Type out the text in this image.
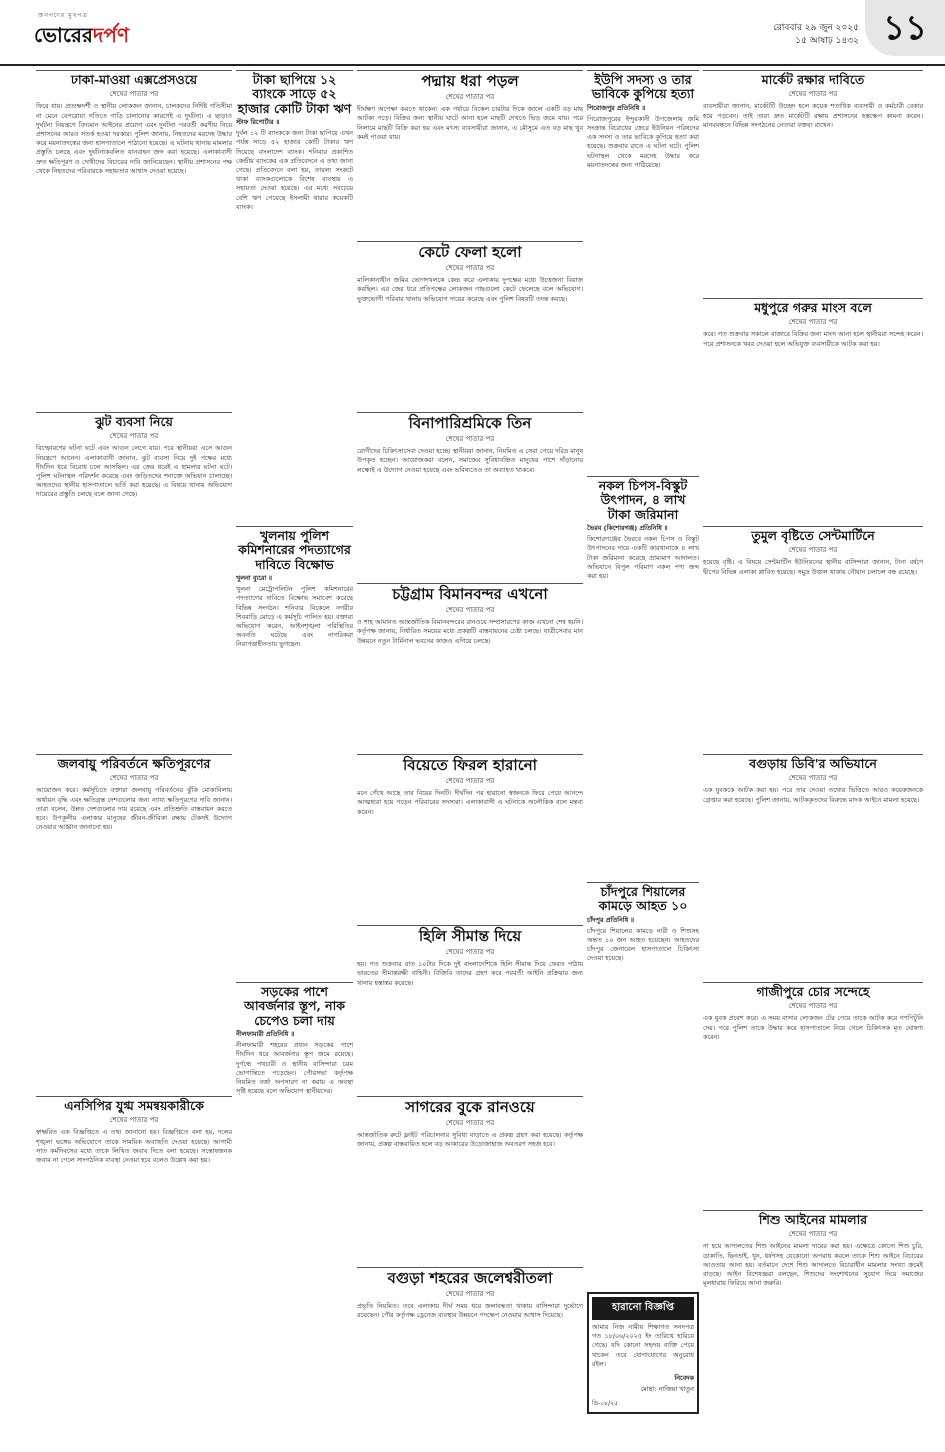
জনগণের মুখপত্র
ভোরেরদর্পণ	রোববার ২৯ জুন ২০২৫
১৫ আষাঢ় ১৪৩২ ১১
ঢাকা-মাওয়া এক্সপ্রেসওয়ে
শেষের পাতার পর
ফিরে যায়। প্রত্যক্ষদর্শী ও স্থানীয় লোকজন জানান, চালকদের নির্দিষ্ট গতিসীমা না মেনে বেপরোয়া গতিতে গাড়ি চালানোর কারণেই এ দুর্ঘটনা। এ ছাড়াও দুর্ঘটনা নিয়ন্ত্রণে বিদ্যমান আইনের প্রয়োগ এবং দুর্ঘটনা পরবর্তী করণীয় নিয়ে প্রশাসনের আরও সতর্ক হওয়া দরকার। পুলিশ জানায়, নিহতদের মরদেহ উদ্ধার করে ময়নাতদন্তের জন্য হাসপাতালে পাঠানো হয়েছে। এ ঘটনায় থানায় মামলার প্রস্তুতি চলছে এবং দুর্ঘটনাকবলিত যানবাহন জব্দ করা হয়েছে। এলাকাবাসী দ্রুত ক্ষতিপূরণ ও দোষীদের বিচারের দাবি জানিয়েছেন। স্থানীয় প্রশাসনের পক্ষ থেকে নিহতদের পরিবারকে সহায়তার আশ্বাস দেওয়া হয়েছে।
ঝুট ব্যবসা নিয়ে
শেষের পাতার পর
বিস্ফোরণের ঘটনা ঘটে এবং আগুন লেগে যায়। পরে স্থানীয়রা এসে আগুন নিয়ন্ত্রণে আনেন। এলাকাবাসী জানান, ঝুট ব্যবসা নিয়ে দুই পক্ষের মধ্যে দীর্ঘদিন ধরে বিরোধ চলে আসছিল। এর জের ধরেই এ হামলার ঘটনা ঘটে। পুলিশ ঘটনাস্থল পরিদর্শন করেছে এবং জড়িতদের শনাক্তে অভিযান চালাচ্ছে। আহতদের স্থানীয় হাসপাতালে ভর্তি করা হয়েছে। এ বিষয়ে থানায় অভিযোগ দায়েরের প্রস্তুতি চলছে বলে জানা গেছে।
জলবায়ু পরিবর্তনে ক্ষতিপূরণের
শেষের পাতার পর
আয়োজন করে। কর্মসূচিতে বক্তারা জলবায়ু পরিবর্তনের ঝুঁকি মোকাবিলায় অর্থায়ন বৃদ্ধি এবং ক্ষতিগ্রস্ত দেশগুলোর জন্য ন্যায্য ক্ষতিপূরণের দাবি জানান। তারা বলেন, উন্নত দেশগুলোর দায় রয়েছে এবং প্রতিশ্রুতি বাস্তবায়ন করতে হবে। উপকূলীয় এলাকার মানুষের জীবন-জীবিকা রক্ষায় টেকসই উদ্যোগ নেওয়ার আহ্বান জানানো হয়।
এনসিপির যুগ্ম সমন্বয়কারীকে
শেষের পাতার পর
স্বাক্ষরিত এক বিজ্ঞপ্তিতে এ তথ্য জানানো হয়। বিজ্ঞপ্তিতে বলা হয়, দলের শৃঙ্খলা ভঙ্গের অভিযোগে তাকে সাময়িক অব্যাহতি দেওয়া হয়েছে। আগামী সাত কর্মদিবসের মধ্যে তাকে লিখিত জবাব দিতে বলা হয়েছে। সন্তোষজনক জবাব না পেলে সাংগঠনিক ব্যবস্থা নেওয়া হবে বলেও উল্লেখ করা হয়।
টাকা ছাপিয়ে ১২ ব্যাংকে সাড়ে ৫২ হাজার কোটি টাকা ঋণ
স্টাফ রিপোর্টার ॥
দুর্বল ১২ টি ব্যাংককে জন্য টাকা ছাপিয়ে এখন পর্যন্ত সাড়ে ৫২ হাজার কোটি টাকার ঋণ দিয়েছে বাংলাদেশ ব্যাংক। শনিবার প্রকাশিত কেন্দ্রীয় ব্যাংকের এক প্রতিবেদনে এ তথ্য জানা গেছে। প্রতিবেদনে বলা হয়, তারল্য সংকটে থাকা ব্যাংকগুলোকে বিশেষ ব্যবস্থায় এ সহায়তা দেওয়া হয়েছে। এর মধ্যে সবচেয়ে বেশি ঋণ পেয়েছে ইসলামী ধারার কয়েকটি ব্যাংক।
খুলনায় পুলিশ কমিশনারের পদত্যাগের দাবিতে বিক্ষোভ
খুলনা ব্যুরো ॥
খুলনা মেট্রোপলিটন পুলিশ কমিশনারের পদত্যাগের দাবিতে বিক্ষোভ সমাবেশ করেছে বিভিন্ন সংগঠন। শনিবার বিকেলে নগরীর শিববাড়ি মোড়ে এ কর্মসূচি পালিত হয়। বক্তারা অভিযোগ করেন, আইনশৃঙ্খলা পরিস্থিতির অবনতি ঘটেছে এবং নাগরিকরা নিরাপত্তাহীনতায় ভুগছেন।
সড়কের পাশে আবর্জনার স্তূপ, নাক চেপেও চলা দায়
নীলফামারী প্রতিনিধি ॥
নীলফামারী শহরের প্রধান সড়কের পাশে দীর্ঘদিন ধরে আবর্জনার স্তূপ জমে রয়েছে। দুর্গন্ধে পথচারী ও স্থানীয় বাসিন্দারা চরম ভোগান্তিতে পড়েছেন। পৌরসভা কর্তৃপক্ষ নিয়মিত বর্জ্য অপসারণ না করায় এ অবস্থা সৃষ্টি হয়েছে বলে অভিযোগ স্থানীয়দের।
পদ্মায় ধরা পড়ল
শেষের পাতার পর
দীর্ঘক্ষণ অপেক্ষা করতে থাকেন। এক পর্যায়ে বিকেল চারটার দিকে জালে একটি বড় মাছ আটকা পড়ে। বিক্রির জন্য স্থানীয় ঘাটে আনা হলে মাছটি দেখতে ভিড় জমে যায়। পরে নিলামে মাছটি বিক্রি করা হয় এবং মৎস্য ব্যবসায়ীরা জানান, এ মৌসুমে এত বড় মাছ খুব কমই পাওয়া যায়।
কেটে ফেলা হলো
শেষের পাতার পর
মালিকানাধীন জমির ভোগদখলকে কেন্দ্র করে এলাকায় দুপক্ষের মধ্যে উত্তেজনা বিরাজ করছিল। এর জের ধরে প্রতিপক্ষের লোকজন গাছগুলো কেটে ফেলেছে বলে অভিযোগ। ভুক্তভোগী পরিবার থানায় অভিযোগ দায়ের করেছে এবং পুলিশ বিষয়টি তদন্ত করছে।
বিনাপারিশ্রমিকে তিন
শেষের পাতার পর
রোগীদের চিকিৎসাসেবা দেওয়া হচ্ছে। স্থানীয়রা জানান, নিয়মিত এ সেবা পেয়ে দরিদ্র মানুষ উপকৃত হচ্ছেন। আয়োজকরা বলেন, সমাজের সুবিধাবঞ্চিত মানুষের পাশে দাঁড়ানোর লক্ষ্যেই এ উদ্যোগ নেওয়া হয়েছে এবং ভবিষ্যতেও তা অব্যাহত থাকবে।
চট্টগ্রাম বিমানবন্দর এখনো
শেষের পাতার পর
ও শাহ আমানত আন্তর্জাতিক বিমানবন্দরের রানওয়ে সম্প্রসারণের কাজ এখনো শেষ হয়নি। কর্তৃপক্ষ জানায়, নির্ধারিত সময়ের মধ্যে প্রকল্পটি বাস্তবায়নের চেষ্টা চলছে। যাত্রীসেবার মান উন্নয়নে নতুন টার্মিনাল ভবনের কাজও এগিয়ে চলছে।
বিয়েতে ফিরল হারানো
শেষের পাতার পর
মনে গেঁথে আছে তার বিয়ের দিনটি। দীর্ঘদিন পর হারানো স্বজনকে ফিরে পেয়ে আনন্দে আত্মহারা হয়ে পড়েন পরিবারের সদস্যরা। এলাকাবাসী এ ঘটনাকে অলৌকিক বলে মন্তব্য করেন।
হিলি সীমান্ত দিয়ে
শেষের পাতার পর
হয়। গত শুক্রবার রাত ১০টার দিকে দুই বাংলাদেশিকে হিলি সীমান্ত দিয়ে ফেরত পাঠায় ভারতের সীমান্তরক্ষী বাহিনী। বিজিবি তাদের গ্রহণ করে পরবর্তী আইনি প্রক্রিয়ার জন্য থানায় হস্তান্তর করেছে।
সাগরের বুকে রানওয়ে
শেষের পাতার পর
আন্তর্জাতিক রুটে ফ্লাইট পরিচালনার সুবিধা বাড়াতে এ প্রকল্প গ্রহণ করা হয়েছে। কর্তৃপক্ষ জানায়, প্রকল্প বাস্তবায়িত হলে বড় আকারের উড়োজাহাজ অবতরণ সহজ হবে।
বগুড়া শহরের জলেশ্বরীতলা
শেষের পাতার পর
প্রভৃতি নিয়মিত। তবে এলাকায় দীর্ঘ সময় ধরে জলাবদ্ধতা থাকায় বাসিন্দারা দুর্ভোগে রয়েছেন। পৌর কর্তৃপক্ষ ড্রেনেজ ব্যবস্থার উন্নয়নে পদক্ষেপ নেওয়ার আশ্বাস দিয়েছে।
ইউপি সদস্য ও তার ভাবিকে কুপিয়ে হত্যা
পিরোজপুর প্রতিনিধি ॥
পিরোজপুরের ইন্দুরকানী উপজেলায় জমি সংক্রান্ত বিরোধের জেরে ইউনিয়ন পরিষদের এক সদস্য ও তার ভাবিকে কুপিয়ে হত্যা করা হয়েছে। শুক্রবার রাতে এ ঘটনা ঘটে। পুলিশ ঘটনাস্থল থেকে মরদেহ উদ্ধার করে ময়নাতদন্তের জন্য পাঠিয়েছে।
নকল চিপস-বিস্কুট উৎপাদন, ৪ লাখ টাকা জরিমানা
ভৈরব (কিশোরগঞ্জ) প্রতিনিধি ॥
কিশোরগঞ্জের ভৈরবে নকল চিপস ও বিস্কুট উৎপাদনের দায়ে একটি কারখানাকে ৪ লাখ টাকা জরিমানা করেছে ভ্রাম্যমাণ আদালত। অভিযানে বিপুল পরিমাণ নকল পণ্য জব্দ করা হয়।
চাঁদপুরে শিয়ালের কামড়ে আহত ১০
চাঁদপুর প্রতিনিধি ॥
চাঁদপুরে শিয়ালের কামড়ে নারী ও শিশুসহ অন্তত ১০ জন আহত হয়েছেন। আহতদের চাঁদপুর জেনারেল হাসপাতালে চিকিৎসা দেওয়া হয়েছে।
হারানো বিজ্ঞপ্তি
আমার নিজ নামীয় শিক্ষাগত সনদপত্র গত ১৮/০৬/২০২৫ ইং তারিখে হারিয়ে গেছে। যদি কোনো সহৃদয় ব্যক্তি পেয়ে থাকেন তবে যোগাযোগের অনুরোধ রইল।
নিবেদক
মোছা: নাজিয়া খাতুন
ডি-০৮/২৫
মার্কেট রক্ষার দাবিতে
শেষের পাতার পর
ব্যবসায়ীরা জানান, মার্কেটটি উচ্ছেদ হলে কয়েক শতাধিক ব্যবসায়ী ও কর্মচারী বেকার হয়ে পড়বেন। তাই তারা দ্রুত মার্কেটটি রক্ষায় প্রশাসনের হস্তক্ষেপ কামনা করেন। মানববন্ধনে বিভিন্ন সংগঠনের নেতারা বক্তব্য রাখেন।
মধুপুরে গরুর মাংস বলে
শেষের পাতার পর
করে। গত শুক্রবার সকালে বাজারে বিক্রির জন্য মাংস আনা হলে স্থানীয়রা সন্দেহ করেন। পরে প্রশাসনকে খবর দেওয়া হলে অভিযুক্ত ব্যবসায়ীকে আটক করা হয়।
তুমুল বৃষ্টিতে সেন্টমার্টিনে
শেষের পাতার পর
হয়েছে বৃষ্টি। এ বিষয়ে সেন্টমার্টিন ইউনিয়নের স্থানীয় বাসিন্দারা জানান, টানা বর্ষণে দ্বীপের বিভিন্ন এলাকা প্লাবিত হয়েছে। সমুদ্র উত্তাল থাকায় নৌযান চলাচল বন্ধ রয়েছে।
বগুড়ায় ডিবি'র অভিযানে
শেষের পাতার পর
এক যুবককে আটক করা হয়। পরে তার দেওয়া তথ্যের ভিত্তিতে আরও কয়েকজনকে গ্রেপ্তার করা হয়েছে। পুলিশ জানায়, আটককৃতদের বিরুদ্ধে মাদক আইনে মামলা হয়েছে।
গাজীপুরে চোর সন্দেহে
শেষের পাতার পর
এক যুবক প্রবেশ করে। এ সময় বাসার লোকজন টের পেয়ে তাকে আটক করে গণপিটুনি দেয়। পরে পুলিশ তাকে উদ্ধার করে হাসপাতালে নিয়ে গেলে চিকিৎসক মৃত ঘোষণা করেন।
শিশু আইনের মামলার
শেষের পাতার পর
না হয়ে আদালতের শিশু আইনের মামলা দায়ের করা হয়। এক্ষেত্রে কোনো শিশু চুরি, ডাকাতি, ছিনতাই, খুন, ধর্ষণসহ যেকোনো অপরাধ করলে তাকে শিশু আইনে বিচারের আওতায় আনা হয়। বর্তমানে দেশে শিশু আদালতে বিচারাধীন মামলার সংখ্যা ক্রমেই বাড়ছে। আইন বিশেষজ্ঞরা বলছেন, শিশুদের সংশোধনের সুযোগ দিয়ে সমাজের মূলধারায় ফিরিয়ে আনা জরুরি।
